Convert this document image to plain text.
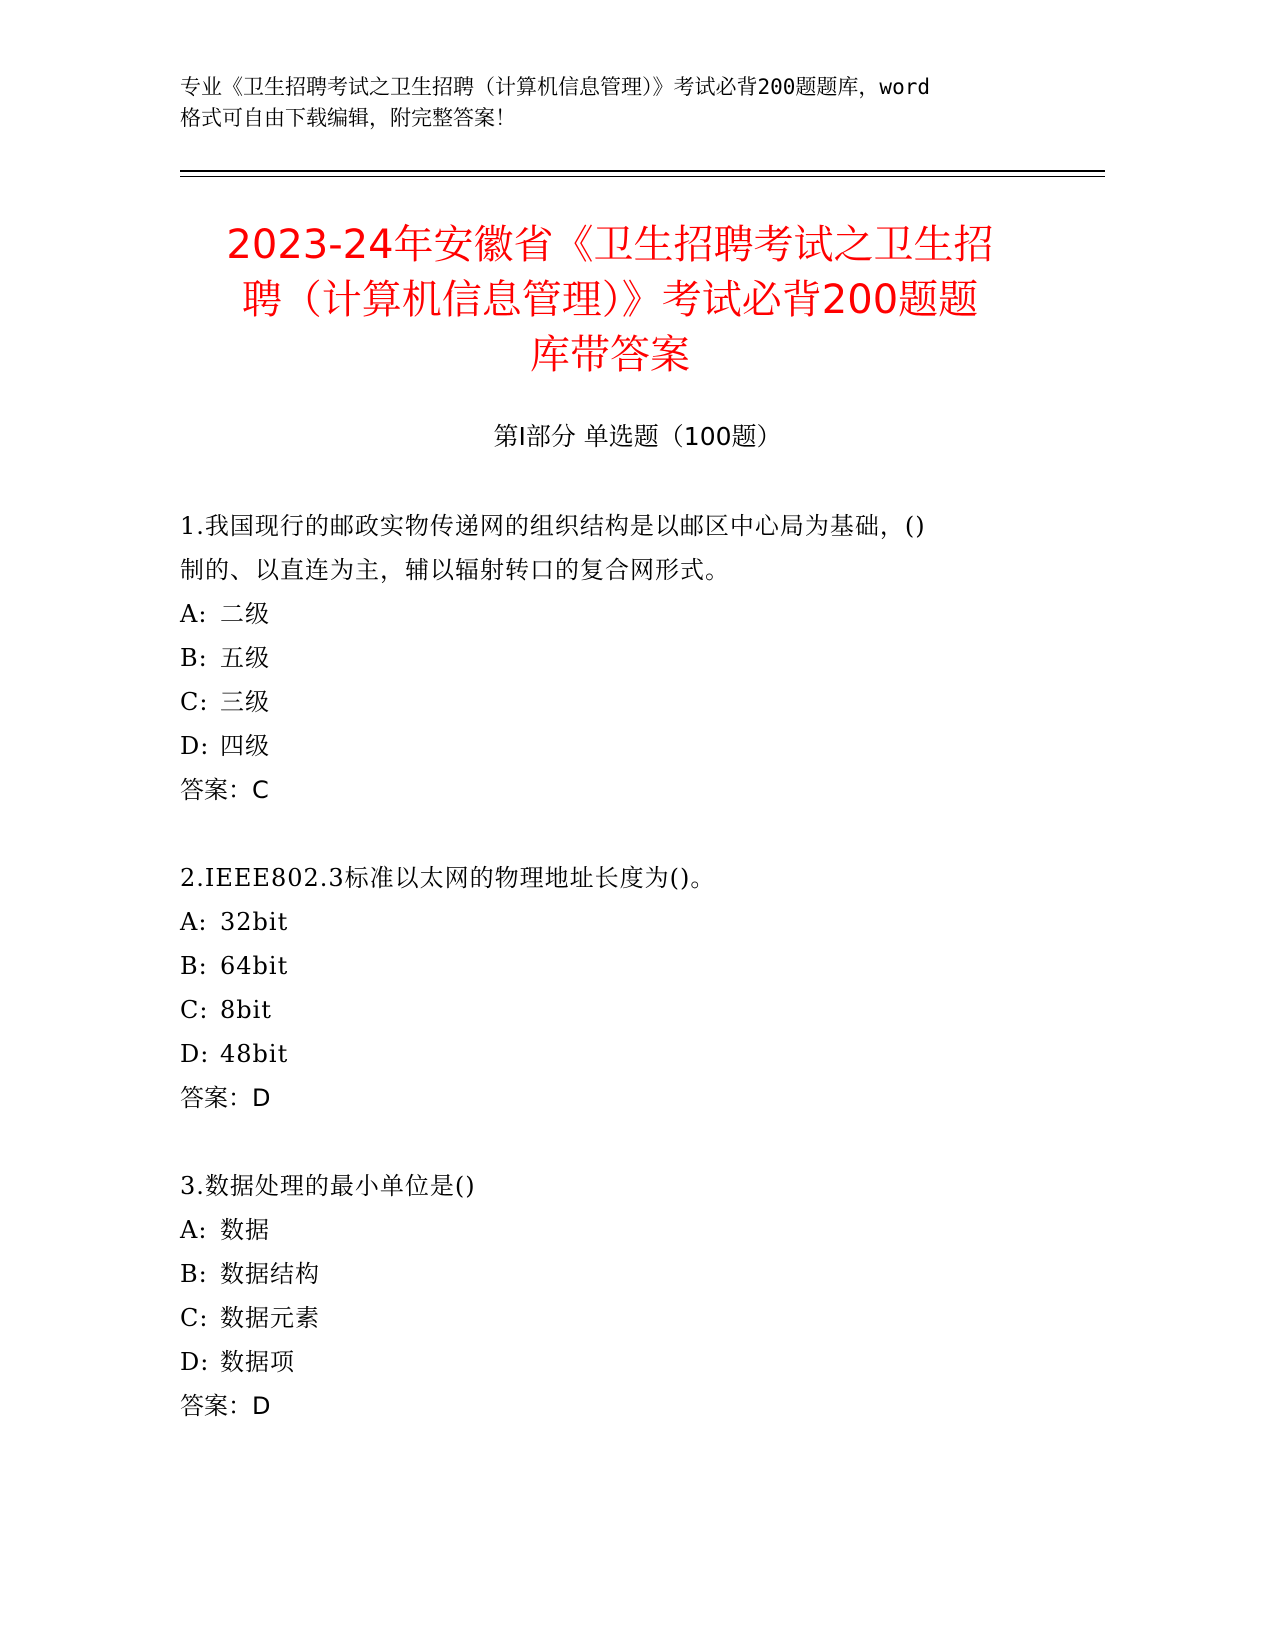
专业《卫生招聘考试之卫生招聘（计算机信息管理）》考试必背200题题库，word
格式可自由下载编辑，附完整答案！
2023-24年安徽省《卫生招聘考试之卫生招
聘（计算机信息管理）》考试必背200题题
库带答案
第Ⅰ部分 单选题（100题）
1.我国现行的邮政实物传递网的组织结构是以邮区中心局为基础，()
制的、以直连为主，辅以辐射转口的复合网形式。
A: 二级
B: 五级
C: 三级
D: 四级
答案：C
2.IEEE802.3标准以太网的物理地址长度为()。
A: 32bit
B: 64bit
C: 8bit
D: 48bit
答案：D
3.数据处理的最小单位是()
A: 数据
B: 数据结构
C: 数据元素
D: 数据项
答案：D
